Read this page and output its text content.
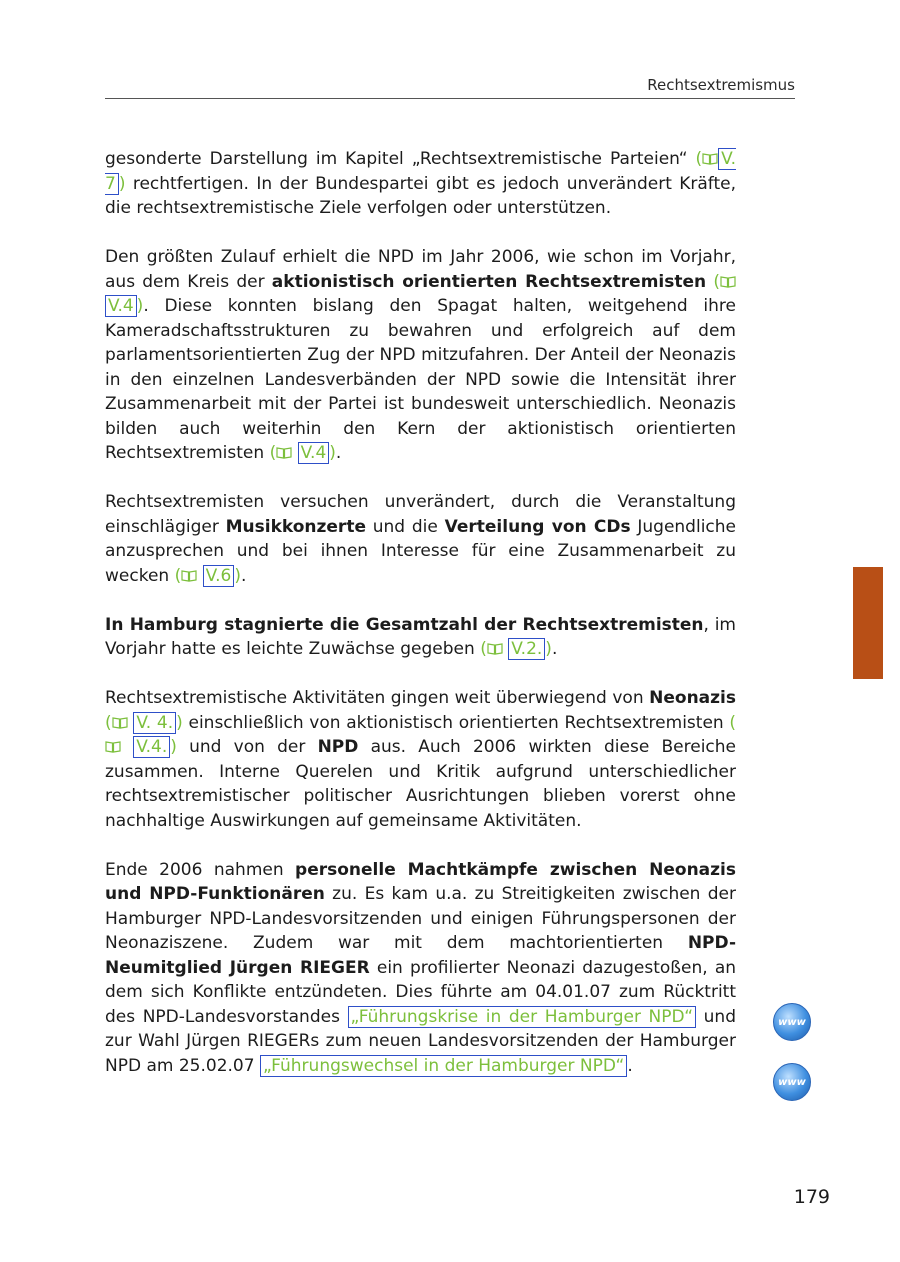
Rechtsextremismus

gesonderte Darstellung im Kapitel „Rechtsextremistische Parteien“ ( V. 7 ) rechtfertigen. In der Bundespartei gibt es jedoch unverändert Kräfte, die rechtsextremistische Ziele verfolgen oder unterstützen.

Den größten Zulauf erhielt die NPD im Jahr 2006, wie schon im Vorjahr, aus dem Kreis der aktionistisch orientierten Rechtsextremisten ( V.4 ). Diese konnten bislang den Spagat halten, weitgehend ihre Kameradschaftsstrukturen zu bewahren und erfolgreich auf dem parlamentsorientierten Zug der NPD mitzufahren. Der Anteil der Neonazis in den einzelnen Landesverbänden der NPD sowie die Intensität ihrer Zusammenarbeit mit der Partei ist bundesweit unterschiedlich. Neonazis bilden auch weiterhin den Kern der aktionistisch orientierten Rechtsextremisten ( V.4 ).

Rechtsextremisten versuchen unverändert, durch die Veranstaltung einschlägiger Musikkonzerte und die Verteilung von CDs Jugendliche anzusprechen und bei ihnen Interesse für eine Zusammenarbeit zu wecken ( V.6 ).

In Hamburg stagnierte die Gesamtzahl der Rechtsextremisten, im Vorjahr hatte es leichte Zuwächse gegeben ( V.2. ).

Rechtsextremistische Aktivitäten gingen weit überwiegend von Neonazis ( V. 4. ) einschließlich von aktionistisch orientierten Rechtsextremisten ( V.4. ) und von der NPD aus. Auch 2006 wirkten diese Bereiche zusammen. Interne Querelen und Kritik aufgrund unterschiedlicher rechtsextremistischer politischer Ausrichtungen blieben vorerst ohne nachhaltige Auswirkungen auf gemeinsame Aktivitäten.

Ende 2006 nahmen personelle Machtkämpfe zwischen Neonazis und NPD-Funktionären zu. Es kam u.a. zu Streitigkeiten zwischen der Hamburger NPD-Landesvorsitzenden und einigen Führungspersonen der Neonaziszene. Zudem war mit dem machtorientierten NPD-Neumitglied Jürgen RIEGER ein profilierter Neonazi dazugestoßen, an dem sich Konflikte entzündeten. Dies führte am 04.01.07 zum Rücktritt des NPD-Landesvorstandes „Führungskrise in der Hamburger NPD“ und zur Wahl Jürgen RIEGERs zum neuen Landesvorsitzenden der Hamburger NPD am 25.02.07 „Führungswechsel in der Hamburger NPD“ .

www
www
179
